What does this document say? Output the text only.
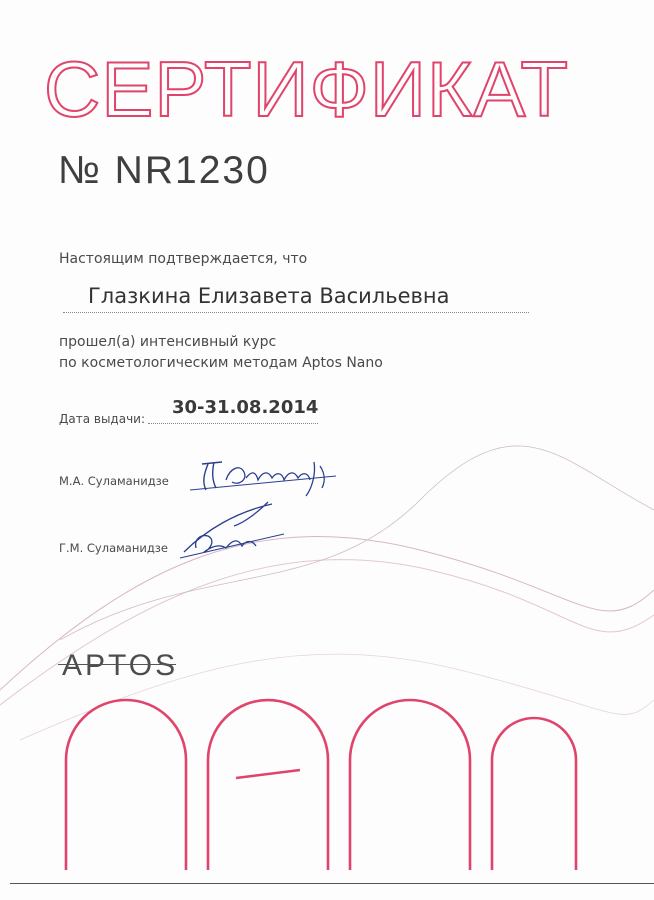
СЕРТИФИКАТ
№ NR1230
Настоящим подтверждается, что
Глазкина Елизавета Васильевна
прошел(а) интенсивный курс
по косметологическим методам Aptos Nano
Дата выдачи:
30-31.08.2014
М.А. Суламанидзе
Г.М. Суламанидзе
APTOS
